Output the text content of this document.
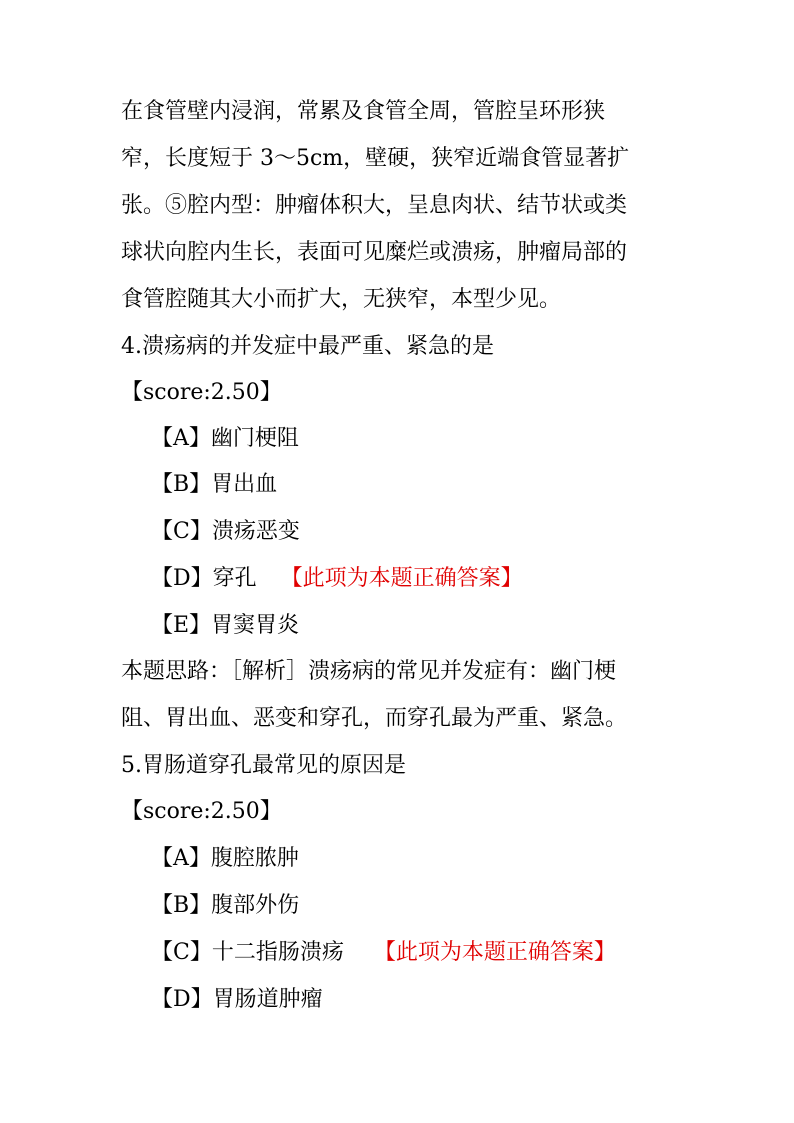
在食管壁内浸润，常累及食管全周，管腔呈环形狭
窄，长度短于 3～5cm，壁硬，狭窄近端食管显著扩
张。⑤腔内型：肿瘤体积大，呈息肉状、结节状或类
球状向腔内生长，表面可见糜烂或溃疡，肿瘤局部的
食管腔随其大小而扩大，无狭窄，本型少见。
4.溃疡病的并发症中最严重、紧急的是
【score:2.50】
【A】幽门梗阻
【B】胃出血
【C】溃疡恶变
【D】穿孔 【此项为本题正确答案】
【E】胃窦胃炎
本题思路：［解析］溃疡病的常见并发症有：幽门梗
阻、胃出血、恶变和穿孔，而穿孔最为严重、紧急。
5.胃肠道穿孔最常见的原因是
【score:2.50】
【A】腹腔脓肿
【B】腹部外伤
【C】十二指肠溃疡 【此项为本题正确答案】
【D】胃肠道肿瘤
